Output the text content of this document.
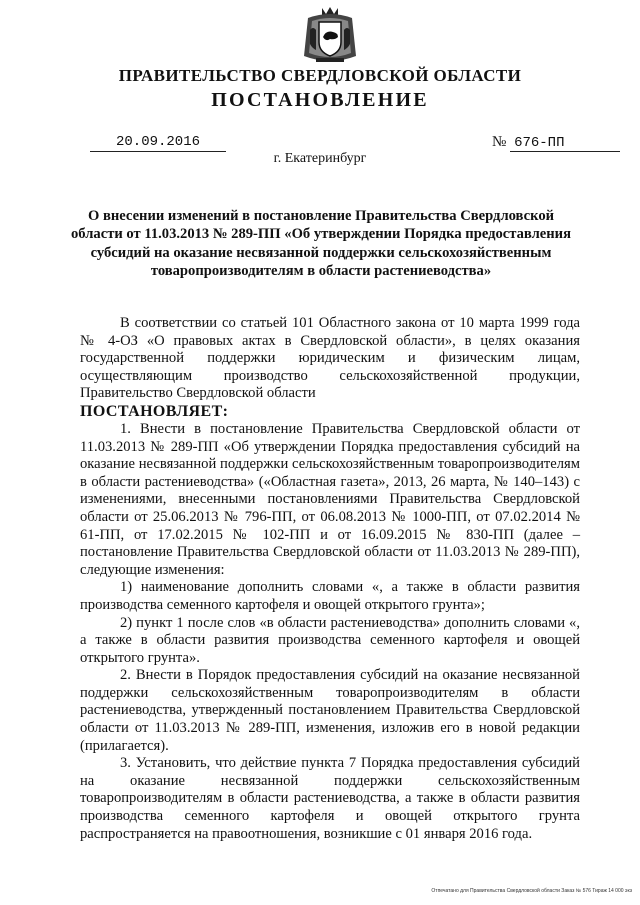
ПРАВИТЕЛЬСТВО СВЕРДЛОВСКОЙ ОБЛАСТИ
ПОСТАНОВЛЕНИЕ
20.09.2016	№ 676-ПП
г. Екатеринбург
О внесении изменений в постановление Правительства Свердловской области от 11.03.2013 № 289-ПП «Об утверждении Порядка предоставления субсидий на оказание несвязанной поддержки сельскохозяйственным товаропроизводителям в области растениеводства»

В соответствии со статьей 101 Областного закона от 10 марта 1999 года № 4-ОЗ «О правовых актах в Свердловской области», в целях оказания государственной поддержки юридическим и физическим лицам, осуществляющим производство сельскохозяйственной продукции, Правительство Свердловской области

ПОСТАНОВЛЯЕТ:

1. Внести в постановление Правительства Свердловской области от 11.03.2013 № 289-ПП «Об утверждении Порядка предоставления субсидий на оказание несвязанной поддержки сельскохозяйственным товаропроизводителям в области растениеводства» («Областная газета», 2013, 26 марта, № 140–143) с изменениями, внесенными постановлениями Правительства Свердловской области от 25.06.2013 № 796-ПП, от 06.08.2013 № 1000-ПП, от 07.02.2014 № 61-ПП, от 17.02.2015 № 102-ПП и от 16.09.2015 № 830-ПП (далее – постановление Правительства Свердловской области от 11.03.2013 № 289-ПП), следующие изменения:

1) наименование дополнить словами «, а также в области развития производства семенного картофеля и овощей открытого грунта»;

2) пункт 1 после слов «в области растениеводства» дополнить словами «, а также в области развития производства семенного картофеля и овощей открытого грунта».

2. Внести в Порядок предоставления субсидий на оказание несвязанной поддержки сельскохозяйственным товаропроизводителям в области растениеводства, утвержденный постановлением Правительства Свердловской области от 11.03.2013 № 289-ПП, изменения, изложив его в новой редакции (прилагается).

3. Установить, что действие пункта 7 Порядка предоставления субсидий на оказание несвязанной поддержки сельскохозяйственным товаропроизводителям в области растениеводства, а также в области развития производства семенного картофеля и овощей открытого грунта распространяется на правоотношения, возникшие с 01 января 2016 года.

Отпечатано для Правительства Свердловской области Заказ № 576 Тираж 14 000 экз
